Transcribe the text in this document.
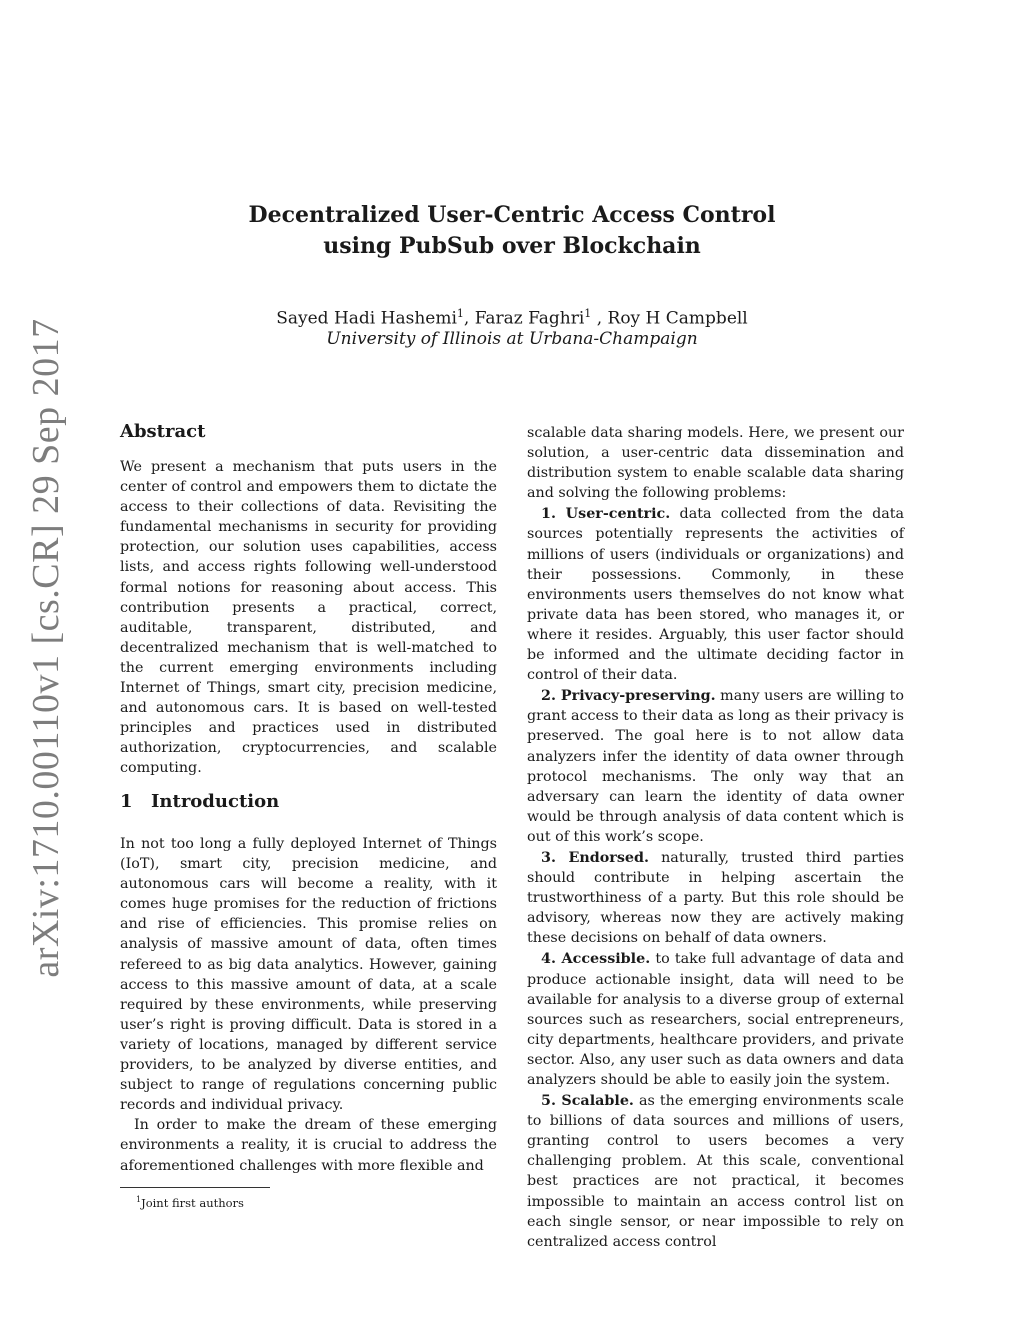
arXiv:1710.00110v1 [cs.CR] 29 Sep 2017
Decentralized User-Centric Access Control
using PubSub over Blockchain
Sayed Hadi Hashemi$^1$, Faraz Faghri$^1$ , Roy H Campbell
University of Illinois at Urbana-Champaign
Abstract

We present a mechanism that puts users in the center of control and empowers them to dictate the access to their collections of data. Revisiting the fundamental mechanisms in security for providing protection, our solution uses capabilities, access lists, and access rights following well-understood formal notions for reasoning about access. This contribution presents a practical, correct, auditable, transparent, distributed, and decentralized mechanism that is well-matched to the current emerging environments including Internet of Things, smart city, precision medicine, and autonomous cars. It is based on well-tested principles and practices used in distributed authorization, cryptocurrencies, and scalable computing.

1 Introduction

In not too long a fully deployed Internet of Things (IoT), smart city, precision medicine, and autonomous cars will become a reality, with it comes huge promises for the reduction of frictions and rise of efficiencies. This promise relies on analysis of massive amount of data, often times refereed to as big data analytics. However, gaining access to this massive amount of data, at a scale required by these environments, while preserving user’s right is proving difficult. Data is stored in a variety of locations, managed by different service providers, to be analyzed by diverse entities, and subject to range of regulations concerning public records and individual privacy.

In order to make the dream of these emerging environments a reality, it is crucial to address the aforementioned challenges with more flexible and

$^1$Joint first authors

scalable data sharing models. Here, we present our solution, a user-centric data dissemination and distribution system to enable scalable data sharing and solving the following problems:

1. User-centric. data collected from the data sources potentially represents the activities of millions of users (individuals or organizations) and their possessions. Commonly, in these environments users themselves do not know what private data has been stored, who manages it, or where it resides. Arguably, this user factor should be informed and the ultimate deciding factor in control of their data.

2. Privacy-preserving. many users are willing to grant access to their data as long as their privacy is preserved. The goal here is to not allow data analyzers infer the identity of data owner through protocol mechanisms. The only way that an adversary can learn the identity of data owner would be through analysis of data content which is out of this work’s scope.

3. Endorsed. naturally, trusted third parties should contribute in helping ascertain the trustworthiness of a party. But this role should be advisory, whereas now they are actively making these decisions on behalf of data owners.

4. Accessible. to take full advantage of data and produce actionable insight, data will need to be available for analysis to a diverse group of external sources such as researchers, social entrepreneurs, city departments, healthcare providers, and private sector. Also, any user such as data owners and data analyzers should be able to easily join the system.

5. Scalable. as the emerging environments scale to billions of data sources and millions of users, granting control to users becomes a very challenging problem. At this scale, conventional best practices are not practical, it becomes impossible to maintain an access control list on each single sensor, or near impossible to rely on centralized access control
